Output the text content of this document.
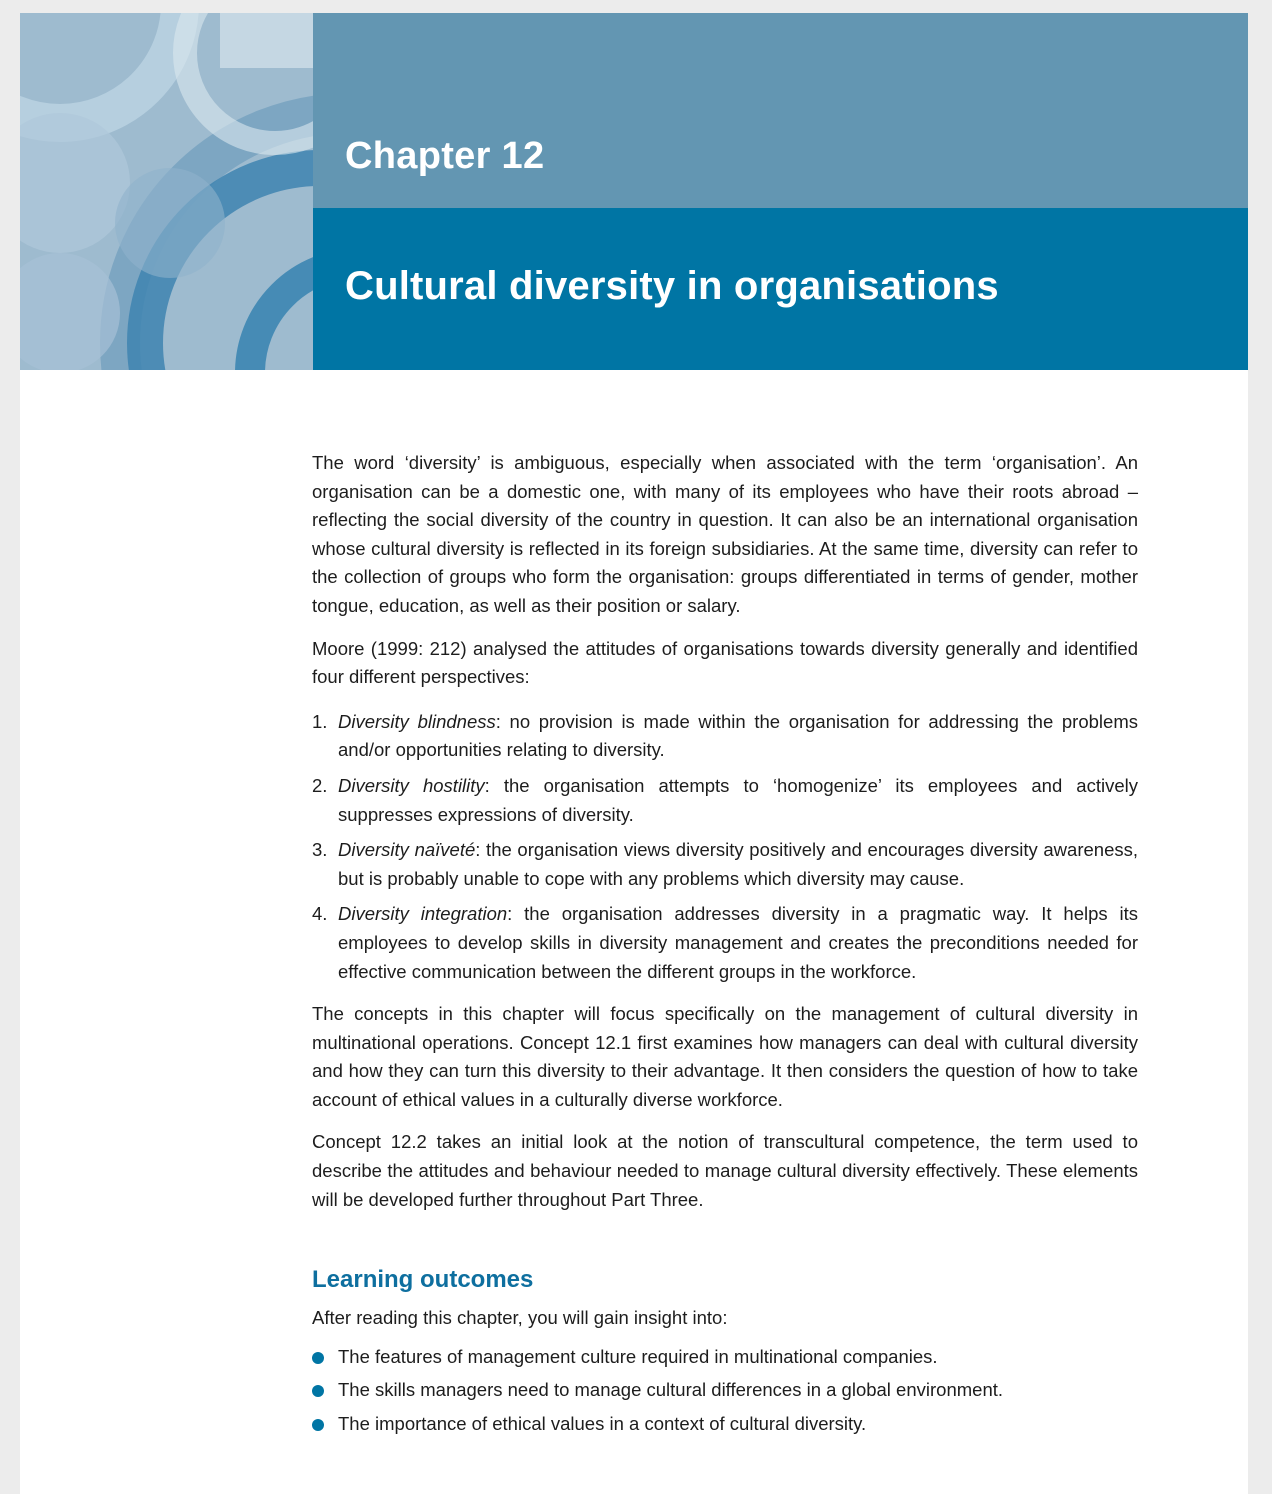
Chapter 12
Cultural diversity in organisations

The word ‘diversity’ is ambiguous, especially when associated with the term ‘organisation’. An organisation can be a domestic one, with many of its employees who have their roots abroad – reflecting the social diversity of the country in question. It can also be an international organisation whose cultural diversity is reflected in its foreign subsidiaries. At the same time, diversity can refer to the collection of groups who form the organisation: groups differentiated in terms of gender, mother tongue, education, as well as their position or salary.

Moore (1999: 212) analysed the attitudes of organisations towards diversity generally and identified four different perspectives:

1. Diversity blindness: no provision is made within the organisation for addressing the problems and/or opportunities relating to diversity.
2. Diversity hostility: the organisation attempts to ‘homogenize’ its employees and actively suppresses expressions of diversity.
3. Diversity naïveté: the organisation views diversity positively and encourages diversity awareness, but is probably unable to cope with any problems which diversity may cause.
4. Diversity integration: the organisation addresses diversity in a pragmatic way. It helps its employees to develop skills in diversity management and creates the preconditions needed for effective communication between the different groups in the workforce.

The concepts in this chapter will focus specifically on the management of cultural diversity in multinational operations. Concept 12.1 first examines how managers can deal with cultural diversity and how they can turn this diversity to their advantage. It then considers the question of how to take account of ethical values in a culturally diverse workforce.

Concept 12.2 takes an initial look at the notion of transcultural competence, the term used to describe the attitudes and behaviour needed to manage cultural diversity effectively. These elements will be developed further throughout Part Three.

Learning outcomes
After reading this chapter, you will gain insight into:
The features of management culture required in multinational companies.
The skills managers need to manage cultural differences in a global environment.
The importance of ethical values in a context of cultural diversity.
